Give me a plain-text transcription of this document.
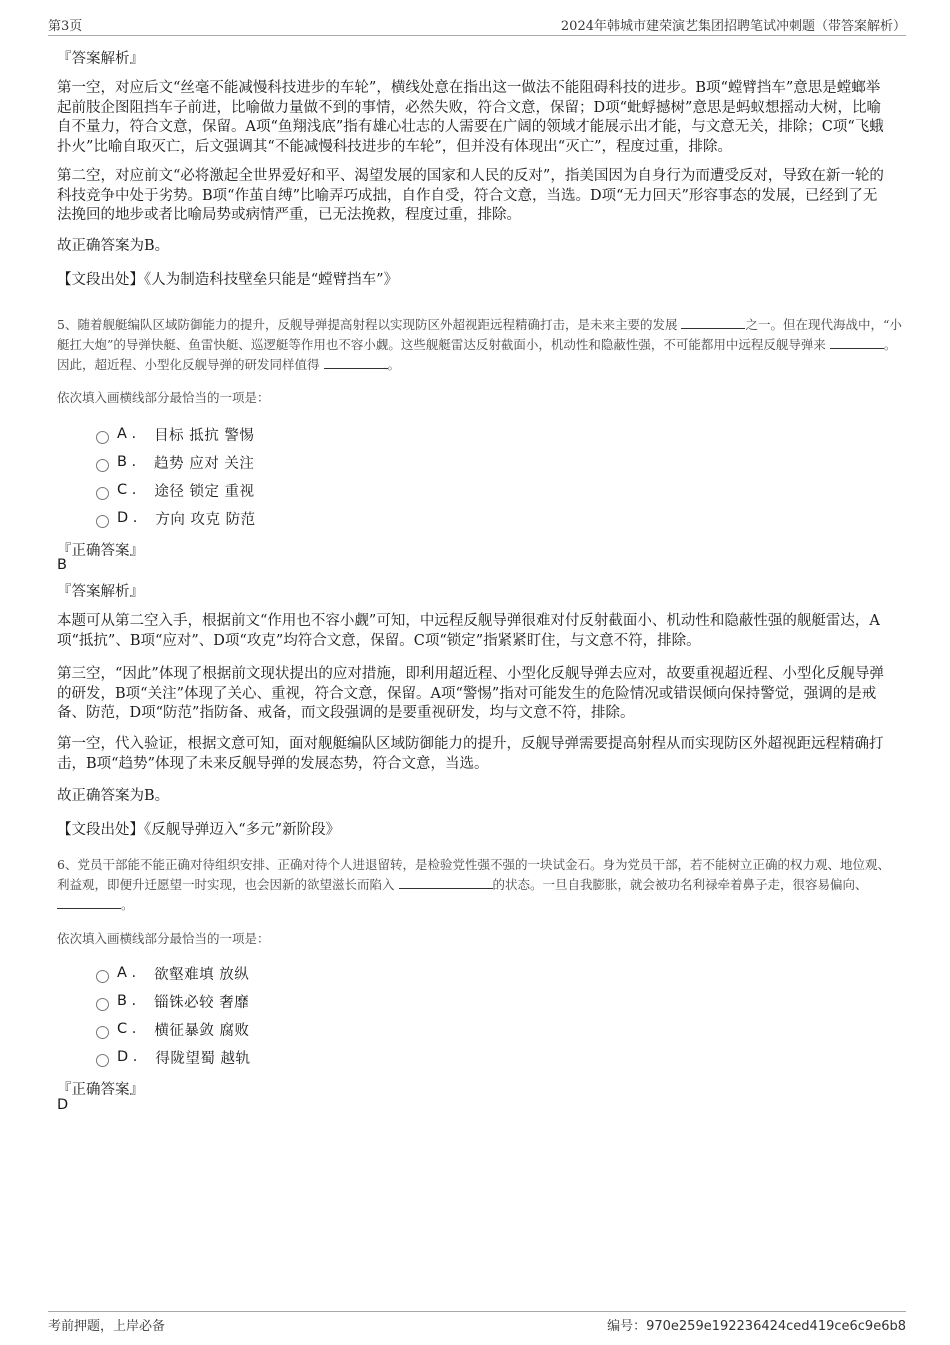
第3页	2024年韩城市建荣演艺集团招聘笔试冲刺题（带答案解析）
『答案解析』

第一空，对应后文“丝毫不能减慢科技进步的车轮”，横线处意在指出这一做法不能阻碍科技的进步。B项“螳臂挡车”意思是螳螂举起前肢企图阻挡车子前进，比喻做力量做不到的事情，必然失败，符合文意，保留；D项“蚍蜉撼树”意思是蚂蚁想摇动大树，比喻自不量力，符合文意，保留。A项“鱼翔浅底”指有雄心壮志的人需要在广阔的领域才能展示出才能，与文意无关，排除；C项“飞蛾扑火”比喻自取灭亡，后文强调其“不能减慢科技进步的车轮”，但并没有体现出“灭亡”，程度过重，排除。

第二空，对应前文“必将激起全世界爱好和平、渴望发展的国家和人民的反对”，指美国因为自身行为而遭受反对，导致在新一轮的科技竞争中处于劣势。B项“作茧自缚”比喻弄巧成拙，自作自受，符合文意，当选。D项“无力回天”形容事态的发展，已经到了无法挽回的地步或者比喻局势或病情严重，已无法挽救，程度过重，排除。

故正确答案为B。

【文段出处】《人为制造科技壁垒只能是“螳臂挡车”》

5、随着舰艇编队区域防御能力的提升，反舰导弹提高射程以实现防区外超视距远程精确打击，是未来主要的发展	之一。但在现代海战中，“小艇扛大炮”的导弹快艇、鱼雷快艇、巡逻艇等作用也不容小觑。这些舰艇雷达反射截面小，机动性和隐蔽性强，不可能都用中远程反舰导弹来	。因此，超近程、小型化反舰导弹的研发同样值得	。

依次填入画横线部分最恰当的一项是：
A . 目标 抵抗 警惕
B . 趋势 应对 关注
C . 途径 锁定 重视
D . 方向 攻克 防范
『正确答案』
B
『答案解析』

本题可从第二空入手，根据前文“作用也不容小觑”可知，中远程反舰导弹很难对付反射截面小、机动性和隐蔽性强的舰艇雷达，A项“抵抗”、B项“应对”、D项“攻克”均符合文意，保留。C项“锁定”指紧紧盯住，与文意不符，排除。

第三空，“因此”体现了根据前文现状提出的应对措施，即利用超近程、小型化反舰导弹去应对，故要重视超近程、小型化反舰导弹的研发，B项“关注”体现了关心、重视，符合文意，保留。A项“警惕”指对可能发生的危险情况或错误倾向保持警觉，强调的是戒备、防范，D项“防范”指防备、戒备，而文段强调的是要重视研发，均与文意不符，排除。

第一空，代入验证，根据文意可知，面对舰艇编队区域防御能力的提升，反舰导弹需要提高射程从而实现防区外超视距远程精确打击，B项“趋势”体现了未来反舰导弹的发展态势，符合文意，当选。

故正确答案为B。

【文段出处】《反舰导弹迈入“多元”新阶段》

6、党员干部能不能正确对待组织安排、正确对待个人进退留转，是检验党性强不强的一块试金石。身为党员干部，若不能树立正确的权力观、地位观、利益观，即便升迁愿望一时实现，也会因新的欲望滋长而陷入	的状态。一旦自我膨胀，就会被功名利禄牵着鼻子走，很容易偏向、 。

依次填入画横线部分最恰当的一项是：
A . 欲壑难填 放纵
B . 锱铢必较 奢靡
C . 横征暴敛 腐败
D . 得陇望蜀 越轨
『正确答案』
D
考前押题，上岸必备	编号：970e259e192236424ced419ce6c9e6b8
